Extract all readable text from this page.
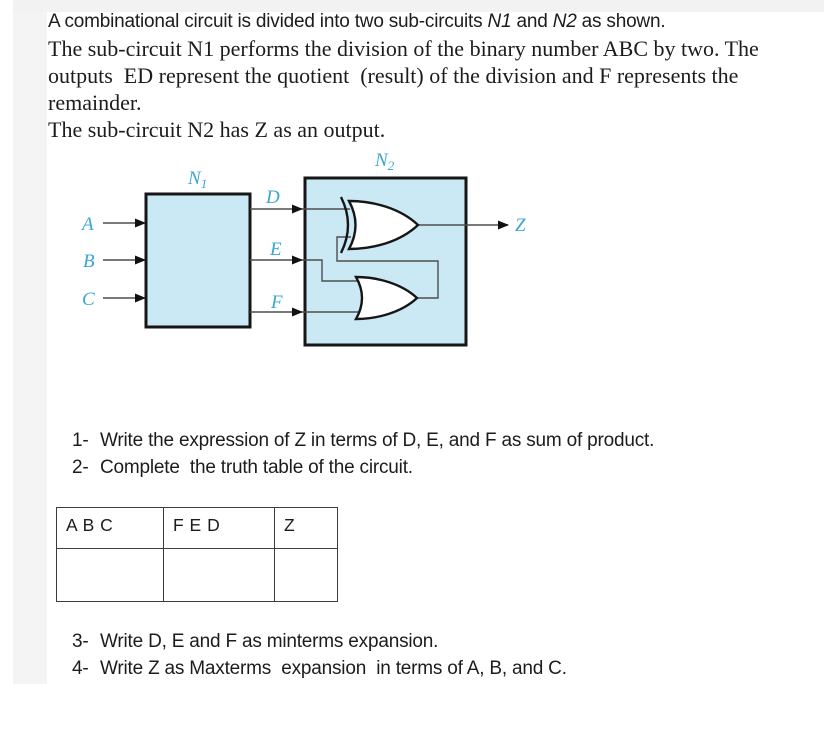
A combinational circuit is divided into two sub-circuits N1 and N2 as shown.
The sub-circuit N1 performs the division of the binary number ABC by two. The
outputs  ED represent the quotient  (result) of the division and F represents the
remainder.
The sub-circuit N2 has Z as an output.
$N_1$
$N_2$
A
B
C
D
E
F
Z
1- Write the expression of Z in terms of D, E, and F as sum of product.
2- Complete  the truth table of the circuit.
A B C	F E D	Z

3- Write D, E and F as minterms expansion.
4- Write Z as Maxterms  expansion  in terms of A, B, and C.
